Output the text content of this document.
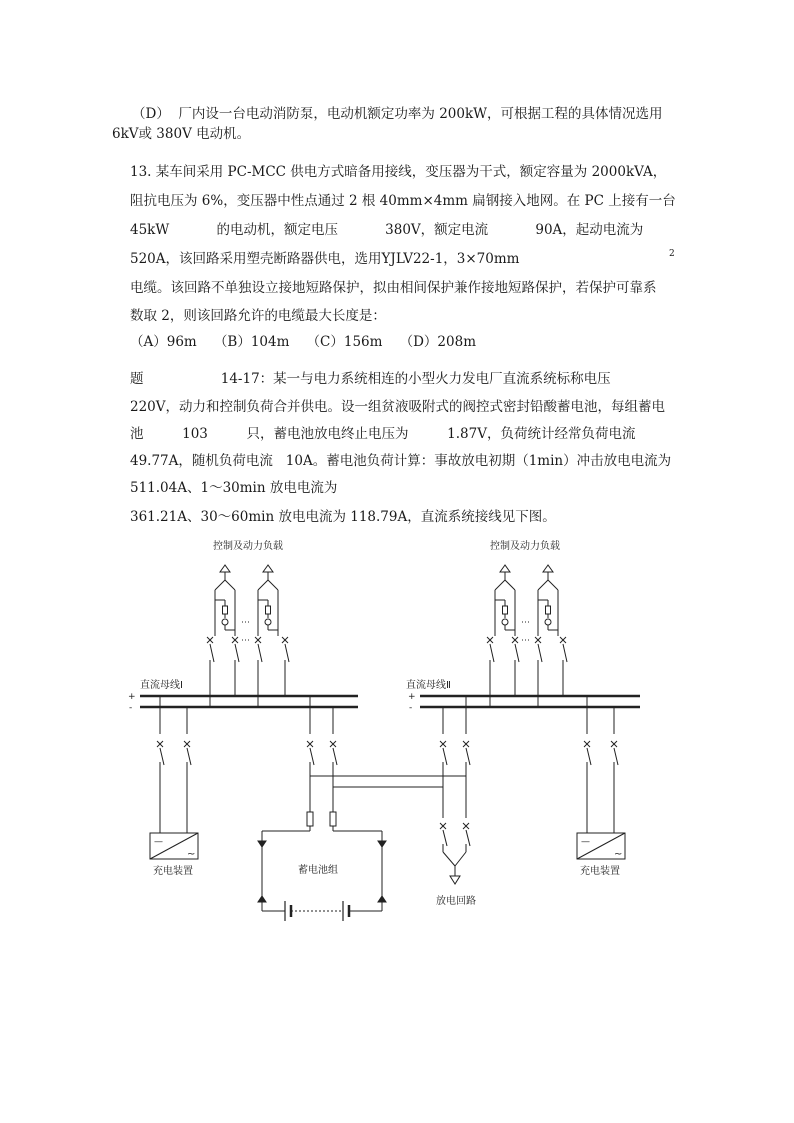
（D）  厂内设一台电动消防泵，电动机额定功率为 200kW，可根据工程的具体情况选用
6kV或 380V 电动机。
13. 某车间采用 PC-MCC 供电方式暗备用接线，变压器为干式，额定容量为 2000kVA，
阻抗电压为 6%，变压器中性点通过 2 根 40mm×4mm 扁钢接入地网。在 PC 上接有一台
45kW           的电动机，额定电压           380V，额定电流           90A，起动电流为
520A，该回路采用塑壳断路器供电，选用YJLV22-1，3×70mm	2
电缆。该回路不单独设立接地短路保护，拟由相间保护兼作接地短路保护，若保护可靠系
数取 2，则该回路允许的电缆最大长度是：
（A）96m    （B）104m    （C）156m    （D）208m
题                  14-17：某一与电力系统相连的小型火力发电厂直流系统标称电压
220V，动力和控制负荷合并供电。设一组贫液吸附式的阀控式密封铅酸蓄电池，每组蓄电
池         103         只，蓄电池放电终止电压为         1.87V，负荷统计经常负荷电流
49.77A，随机负荷电流   10A。蓄电池负荷计算：事故放电初期（1min）冲击放电电流为
511.04A、1～30min 放电电流为
361.21A、30～60min 放电电流为 118.79A，直流系统接线见下图。
控制及动力负载	控制及动力负载
直流母线Ⅰ	直流母线Ⅱ
+
-
+
-
—
~
—
~
充电装置	充电装置
蓄电池组
放电回路
